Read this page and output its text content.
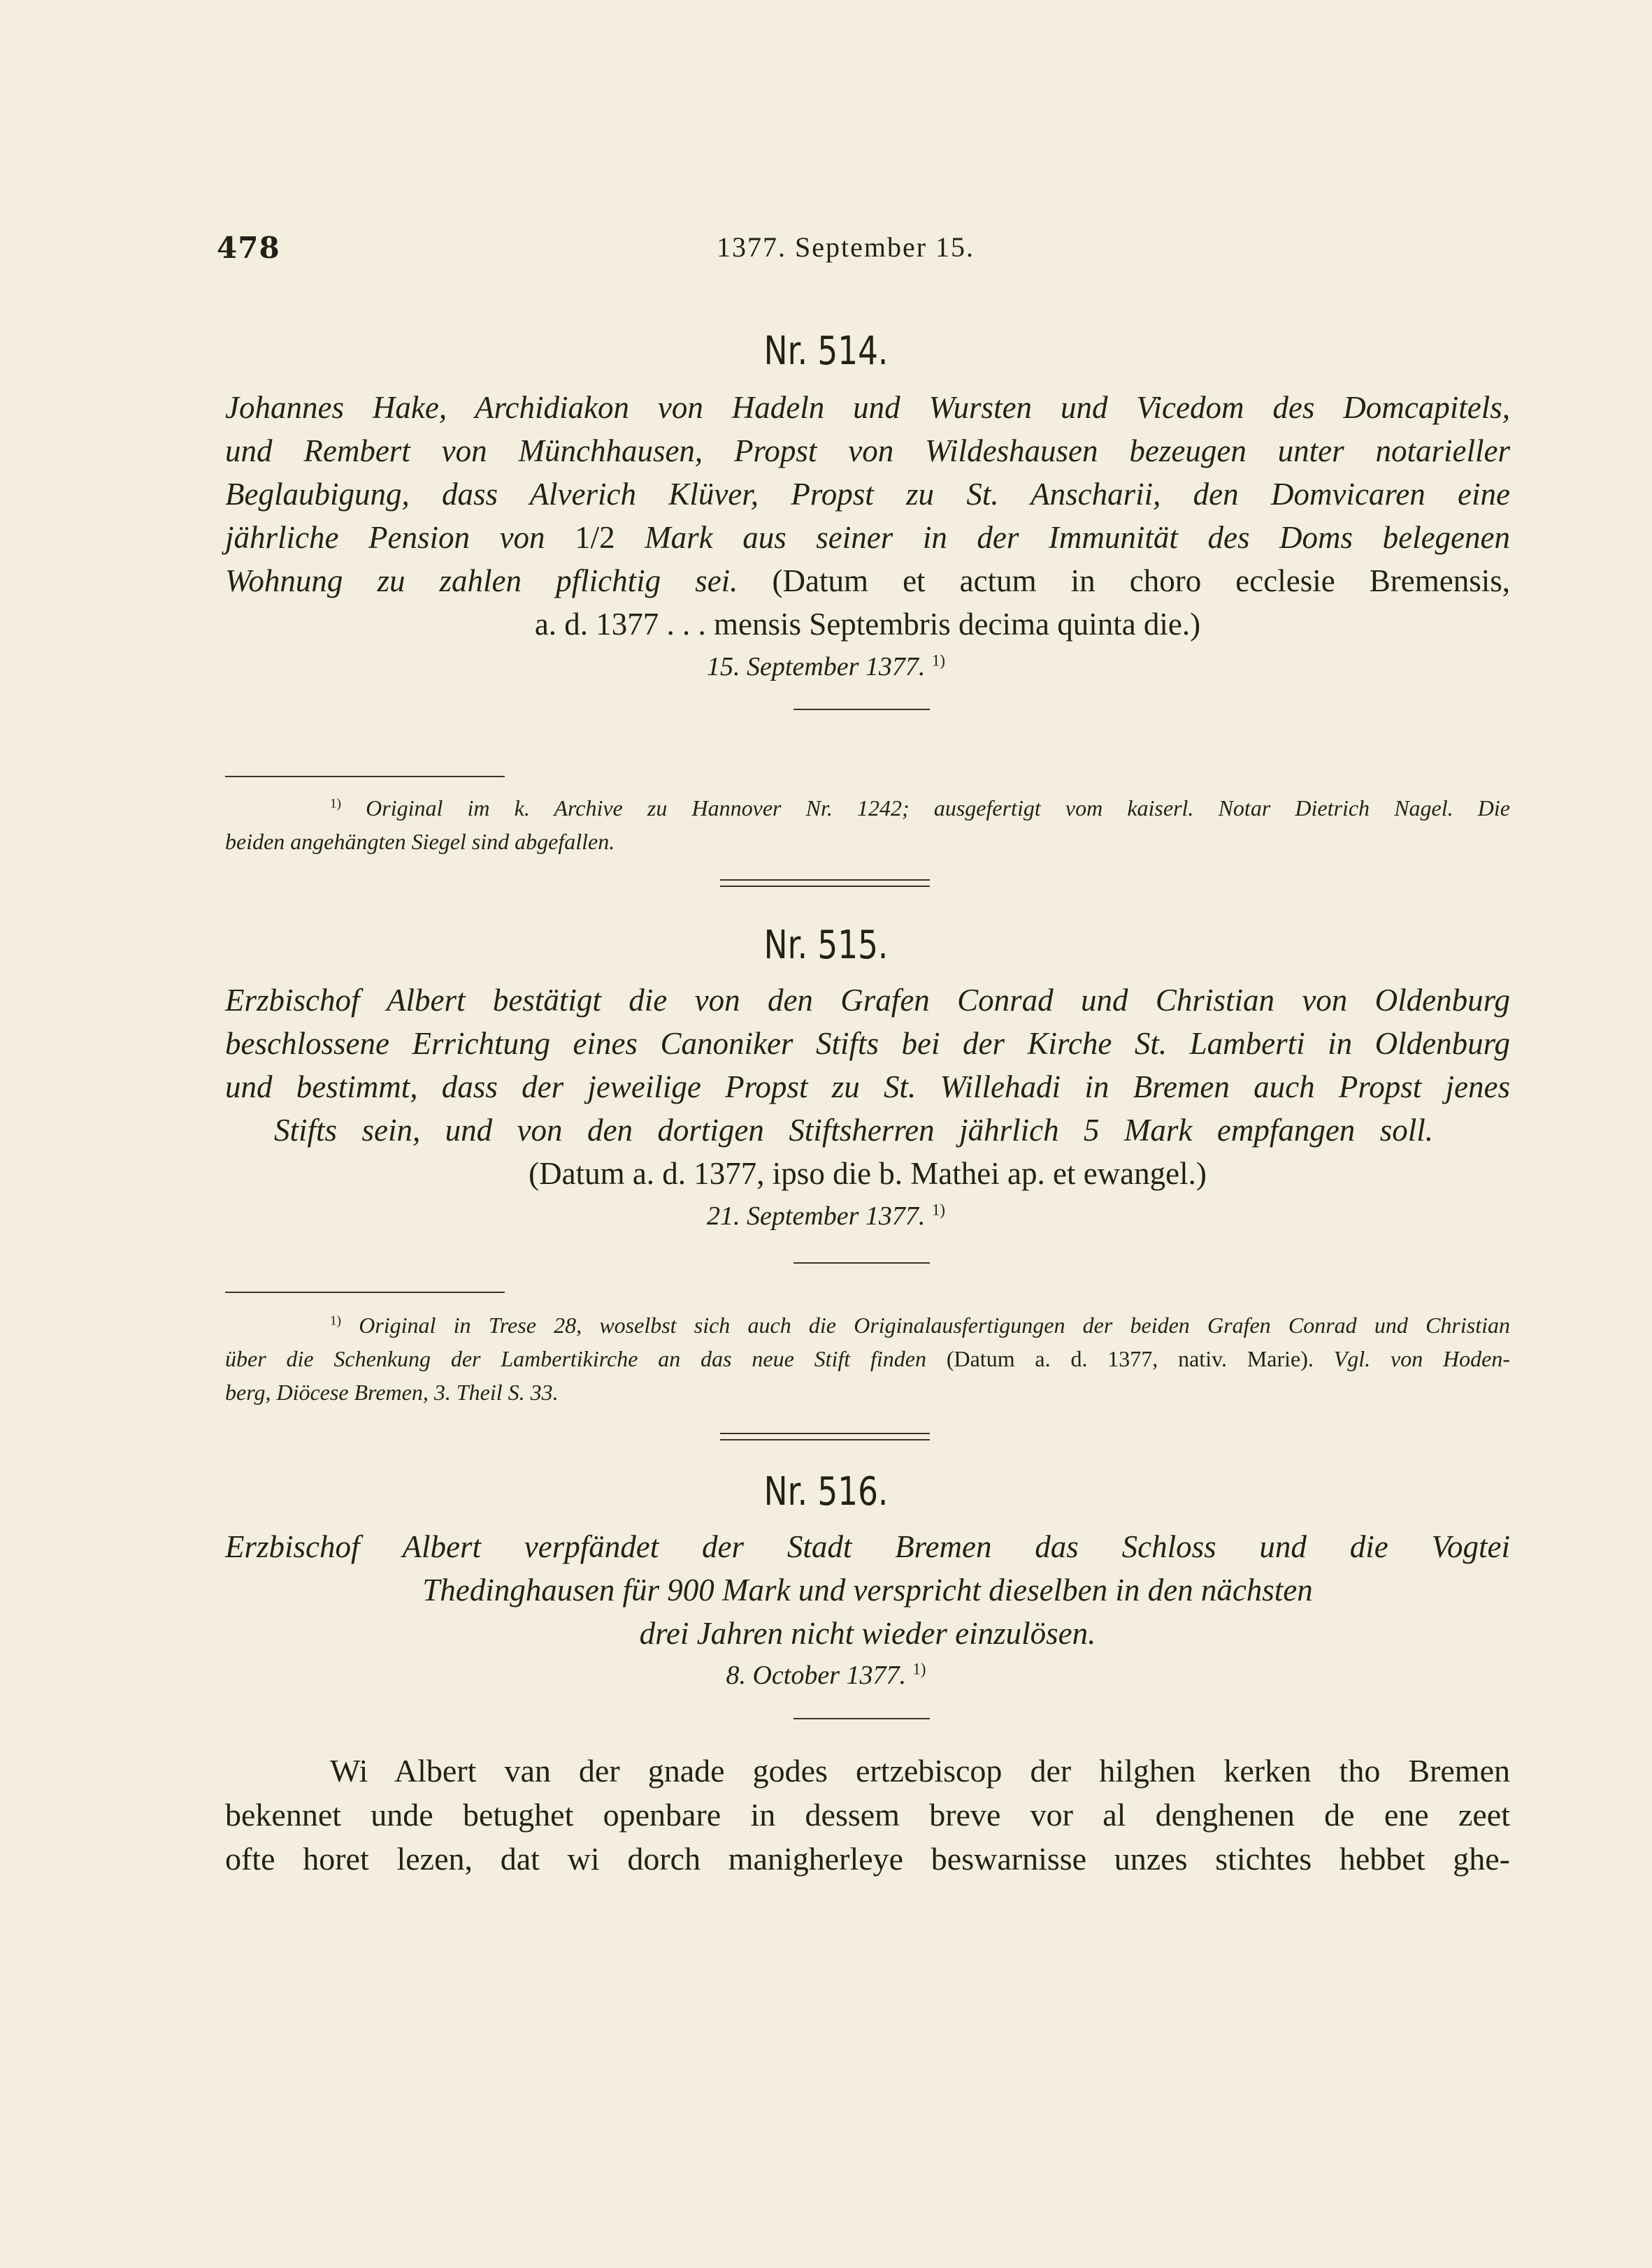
478	1377. September 15.
Nr. 514.
Johannes Hake, Archidiakon von Hadeln und Wursten und Vicedom des Domcapitels,
und Rembert von Münchhausen, Propst von Wildeshausen bezeugen unter notarieller
Beglaubigung, dass Alverich Klüver, Propst zu St. Anscharii, den Domvicaren eine
jährliche Pension von 1/2 Mark aus seiner in der Immunität des Doms belegenen
Wohnung zu zahlen pflichtig sei. (Datum et actum in choro ecclesie Bremensis,
a. d. 1377 . . . mensis Septembris decima quinta die.)
15. September 1377. $^{1)}$
$^{1)}$ Original im k. Archive zu Hannover Nr. 1242; ausgefertigt vom kaiserl. Notar Dietrich Nagel. Die
beiden angehängten Siegel sind abgefallen.
Nr. 515.
Erzbischof Albert bestätigt die von den Grafen Conrad und Christian von Oldenburg
beschlossene Errichtung eines Canoniker Stifts bei der Kirche St. Lamberti in Oldenburg
und bestimmt, dass der jeweilige Propst zu St. Willehadi in Bremen auch Propst jenes
Stifts sein, und von den dortigen Stiftsherren jährlich 5 Mark empfangen soll.
(Datum a. d. 1377, ipso die b. Mathei ap. et ewangel.)
21. September 1377. $^{1)}$
$^{1)}$ Original in Trese 28, woselbst sich auch die Originalausfertigungen der beiden Grafen Conrad und Christian
über die Schenkung der Lambertikirche an das neue Stift finden (Datum a. d. 1377, nativ. Marie). Vgl. von Hoden-
berg, Diöcese Bremen, 3. Theil S. 33.
Nr. 516.
Erzbischof Albert verpfändet der Stadt Bremen das Schloss und die Vogtei
Thedinghausen für 900 Mark und verspricht dieselben in den nächsten
drei Jahren nicht wieder einzulösen.
8. October 1377. $^{1)}$
Wi Albert van der gnade godes ertzebiscop der hilghen kerken tho Bremen
bekennet unde betughet openbare in dessem breve vor al denghenen de ene zeet
ofte horet lezen, dat wi dorch manigherleye beswarnisse unzes stichtes hebbet ghe-
